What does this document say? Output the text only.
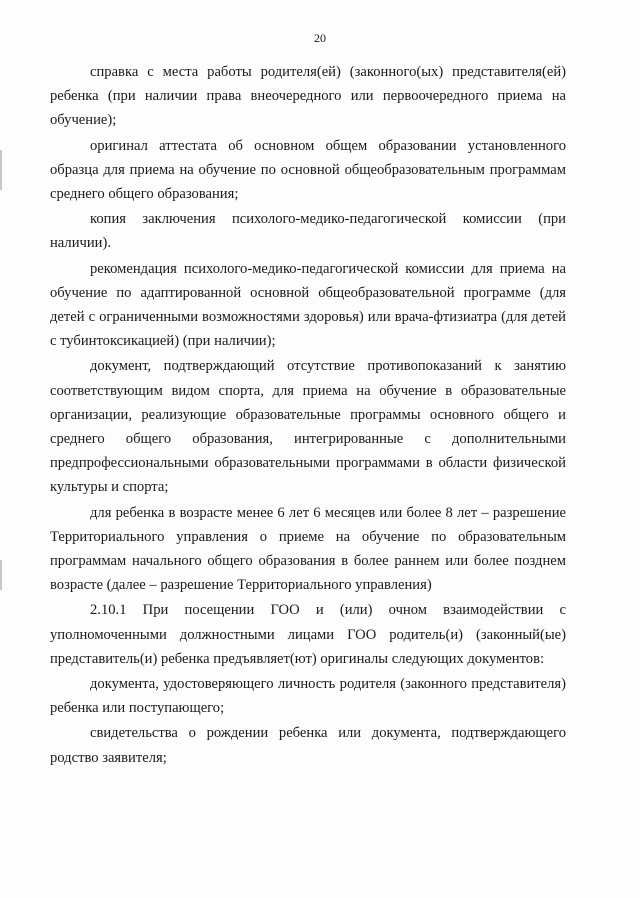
20

справка с места работы родителя(ей) (законного(ых) представителя(ей) ребенка (при наличии права внеочередного или первоочередного приема на обучение);

оригинал аттестата об основном общем образовании установленного образца для приема на обучение по основной общеобразовательным программам среднего общего образования;

копия заключения психолого-медико-педагогической комиссии (при наличии).

рекомендация психолого-медико-педагогической комиссии для приема на обучение по адаптированной основной общеобразовательной программе (для детей с ограниченными возможностями здоровья) или врача-фтизиатра (для детей с тубинтоксикацией) (при наличии);

документ, подтверждающий отсутствие противопоказаний к занятию соответствующим видом спорта, для приема на обучение в образовательные организации, реализующие образовательные программы основного общего и среднего общего образования, интегрированные с дополнительными предпрофессиональными образовательными программами в области физической культуры и спорта;

для ребенка в возрасте менее 6 лет 6 месяцев или более 8 лет – разрешение Территориального управления о приеме на обучение по образовательным программам начального общего образования в более раннем или более позднем возрасте (далее – разрешение Территориального управления)

2.10.1 При посещении ГОО и (или) очном взаимодействии с уполномоченными должностными лицами ГОО родитель(и) (законный(ые) представитель(и) ребенка предъявляет(ют) оригиналы следующих документов:

документа, удостоверяющего личность родителя (законного представителя) ребенка или поступающего;

свидетельства о рождении ребенка или документа, подтверждающего родство заявителя;
